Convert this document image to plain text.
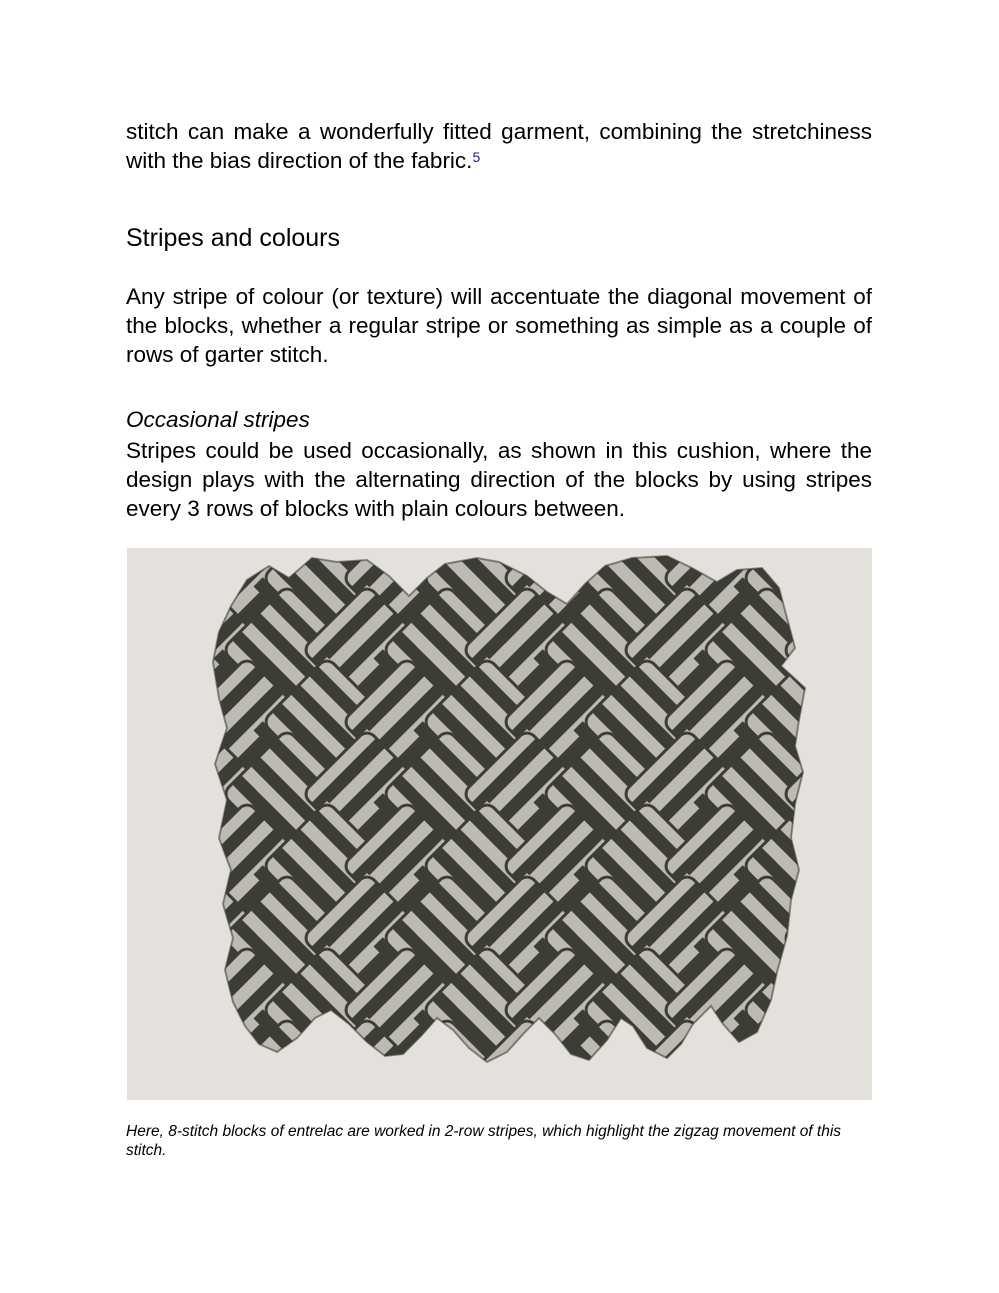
stitch can make a wonderfully fitted garment, combining the stretchiness with the bias direction of the fabric.$^5$

Stripes and colours

Any stripe of colour (or texture) will accentuate the diagonal movement of the blocks, whether a regular stripe or something as simple as a couple of rows of garter stitch.

Occasional stripes

Stripes could be used occasionally, as shown in this cushion, where the design plays with the alternating direction of the blocks by using stripes every 3 rows of blocks with plain colours between.

Here, 8-stitch blocks of entrelac are worked in 2-row stripes, which highlight the zigzag movement of this stitch.
